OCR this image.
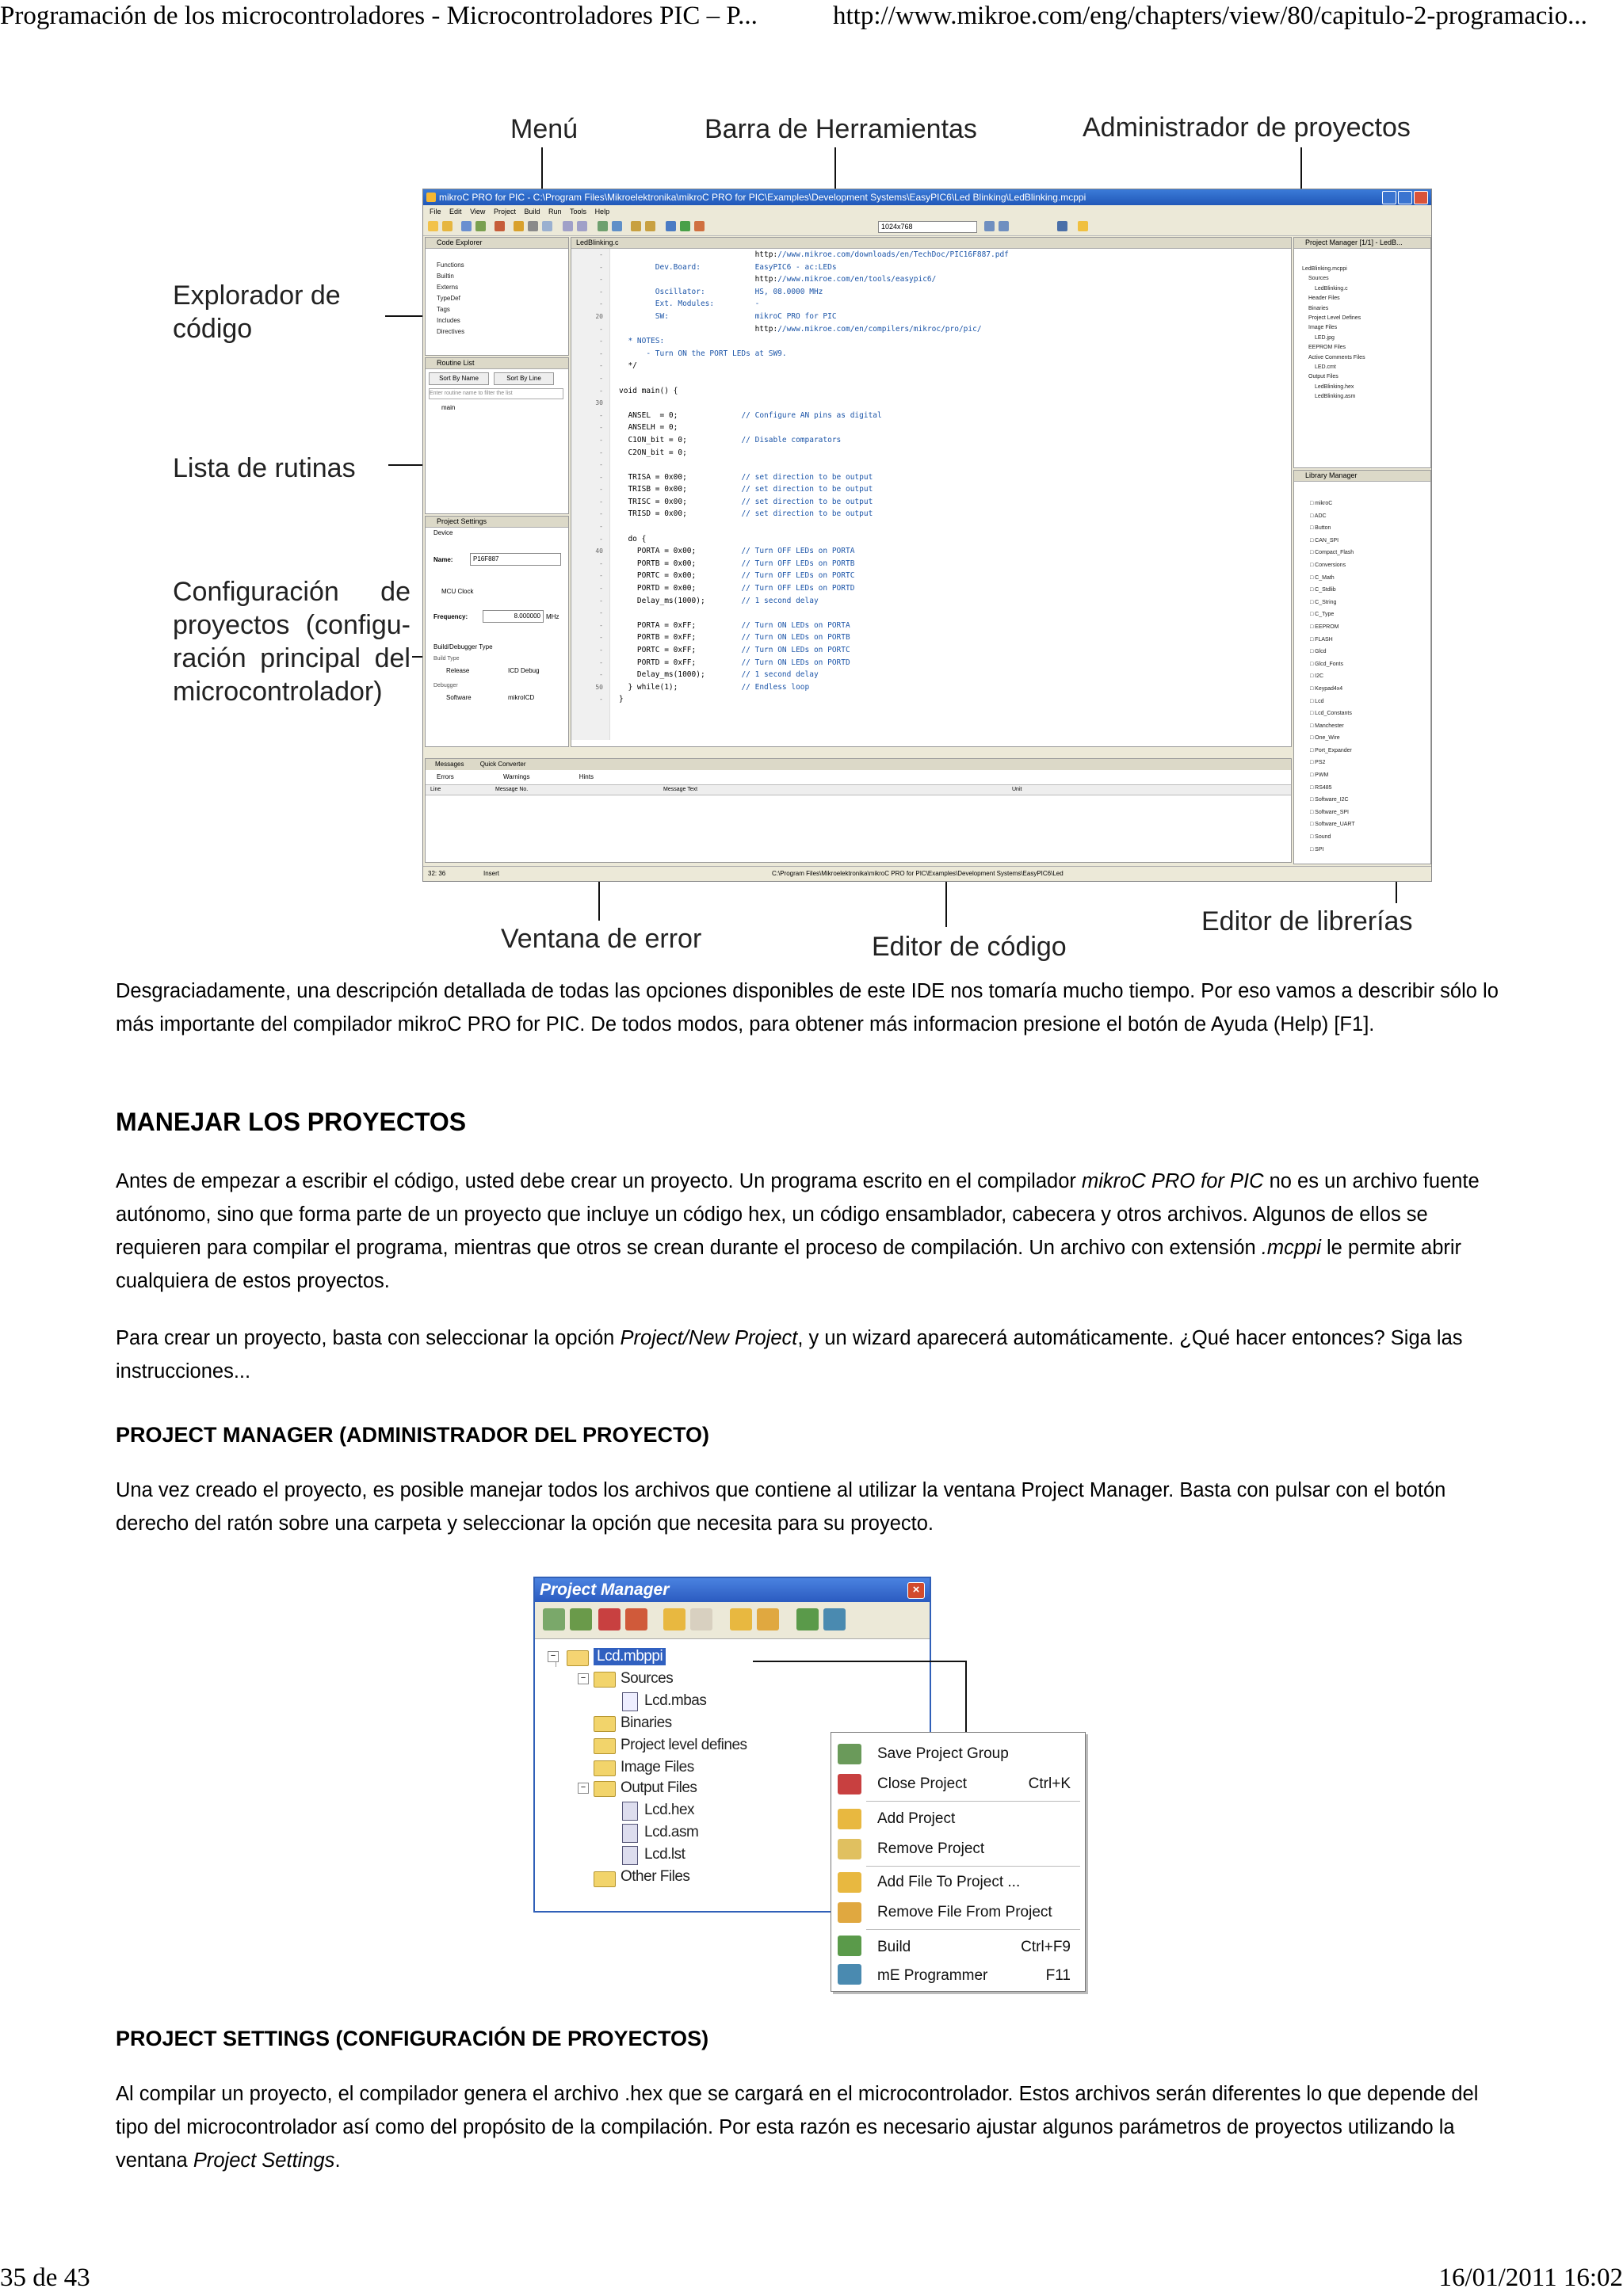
Programación de los microcontroladores - Microcontroladores PIC – P...	http://www.mikroe.com/eng/chapters/view/80/capitulo-2-programacio...
Menú	Barra de Herramientas	Administrador de proyectos
Explorador de código
Lista de rutinas
Configuración de proyectos (configu- ración principal del microcontrolador)
Ventana de error	Editor de código
Editor de librerías
mikroC PRO for PIC - C:\Program Files\Mikroelektronika\mikroC PRO for PIC\Examples\Development Systems\EasyPIC6\Led Blinking\LedBlinking.mcppi
File Edit View Project Build Run Tools Help
1024x768
Code Explorer
Functions
Builtin
Externs
TypeDef
Tags
Includes
Directives
Routine List
Sort By Name	Sort By Line
Enter routine name to filter the list
main
Project Settings
Device
Name:	P16F887
MCU Clock
Frequency:	8.000000 MHz
Build/Debugger Type
Build Type
Release	ICD Debug
Debugger
Software	mikroICD
LedBlinking.c
-
-
-
-
-
20
-
-
-
-
-
-
30
-
-
-
-
-
-
-
-
-
-
-
40
-
-
-
-
-
-
-
-
-
-
50
-
http://www.mikroe.com/downloads/en/TechDoc/PIC16F887.pdf
Dev.Board:            EasyPIC6 - ac:LEDs
http://www.mikroe.com/en/tools/easypic6/
Oscillator:           HS, 08.0000 MHz
Ext. Modules:         -
SW:                   mikroC PRO for PIC
http://www.mikroe.com/en/compilers/mikroc/pro/pic/
* NOTES:
- Turn ON the PORT LEDs at SW9.
*/

void main() {

ANSEL  = 0;              // Configure AN pins as digital
ANSELH = 0;
C1ON_bit = 0;            // Disable comparators
C2ON_bit = 0;

TRISA = 0x00;            // set direction to be output
TRISB = 0x00;            // set direction to be output
TRISC = 0x00;            // set direction to be output
TRISD = 0x00;            // set direction to be output

do {
PORTA = 0x00;          // Turn OFF LEDs on PORTA
PORTB = 0x00;          // Turn OFF LEDs on PORTB
PORTC = 0x00;          // Turn OFF LEDs on PORTC
PORTD = 0x00;          // Turn OFF LEDs on PORTD
Delay_ms(1000);        // 1 second delay

PORTA = 0xFF;          // Turn ON LEDs on PORTA
PORTB = 0xFF;          // Turn ON LEDs on PORTB
PORTC = 0xFF;          // Turn ON LEDs on PORTC
PORTD = 0xFF;          // Turn ON LEDs on PORTD
Delay_ms(1000);        // 1 second delay
} while(1);              // Endless loop
}
Project Manager [1/1] - LedB...
LedBlinking.mcppi
Sources
LedBlinking.c
Header Files
Binaries
Project Level Defines
Image Files
LED.jpg
EEPROM Files
Active Comments Files
LED.cmt
Output Files
LedBlinking.hex
LedBlinking.asm
Library Manager
□ mikroC
□ ADC
□ Button
□ CAN_SPI
□ Compact_Flash
□ Conversions
□ C_Math
□ C_Stdlib
□ C_String
□ C_Type
□ EEPROM
□ FLASH
□ Glcd
□ Glcd_Fonts
□ I2C
□ Keypad4x4
□ Lcd
□ Lcd_Constants
□ Manchester
□ One_Wire
□ Port_Expander
□ PS2
□ PWM
□ RS485
□ Software_I2C
□ Software_SPI
□ Software_UART
□ Sound
□ SPI
Messages	Quick Converter
Errors	Warnings	Hints
Line	Message No.	Message Text	Unit
32: 36	Insert	C:\Program Files\Mikroelektronika\mikroC PRO for PIC\Examples\Development Systems\EasyPIC6\Led
Desgraciadamente, una descripción detallada de todas las opciones disponibles de este IDE nos tomaría mucho tiempo. Por eso vamos a describir sólo lo más importante del compilador mikroC PRO for PIC. De todos modos, para obtener más informacion presione el botón de Ayuda (Help) [F1].
MANEJAR LOS PROYECTOS
Antes de empezar a escribir el código, usted debe crear un proyecto. Un programa escrito en el compilador mikroC PRO for PIC no es un archivo fuente autónomo, sino que forma parte de un proyecto que incluye un código hex, un código ensamblador, cabecera y otros archivos. Algunos de ellos se requieren para compilar el programa, mientras que otros se crean durante el proceso de compilación. Un archivo con extensión .mcppi le permite abrir cualquiera de estos proyectos.
Para crear un proyecto, basta con seleccionar la opción Project/New Project, y un wizard aparecerá automáticamente. ¿Qué hacer entonces? Siga las instrucciones...
PROJECT MANAGER (ADMINISTRADOR DEL PROYECTO)
Una vez creado el proyecto, es posible manejar todos los archivos que contiene al utilizar la ventana Project Manager. Basta con pulsar con el botón derecho del ratón sobre una carpeta y seleccionar la opción que necesita para su proyecto.
Project Manager	×
−	Lcd.mbppi
− Sources
Lcd.mbas
Binaries
Project level defines
Image Files
− Output Files
Lcd.hex
Lcd.asm
Lcd.lst
Other Files
Save Project Group
Close Project	Ctrl+K
Add Project
Remove Project
Add File To Project ...
Remove File From Project
Build	Ctrl+F9
mE Programmer	F11
PROJECT SETTINGS (CONFIGURACIÓN DE PROYECTOS)
Al compilar un proyecto, el compilador genera el archivo .hex que se cargará en el microcontrolador. Estos archivos serán diferentes lo que depende del tipo del microcontrolador así como del propósito de la compilación. Por esta razón es necesario ajustar algunos parámetros de proyectos utilizando la ventana Project Settings.
35 de 43	16/01/2011 16:02
